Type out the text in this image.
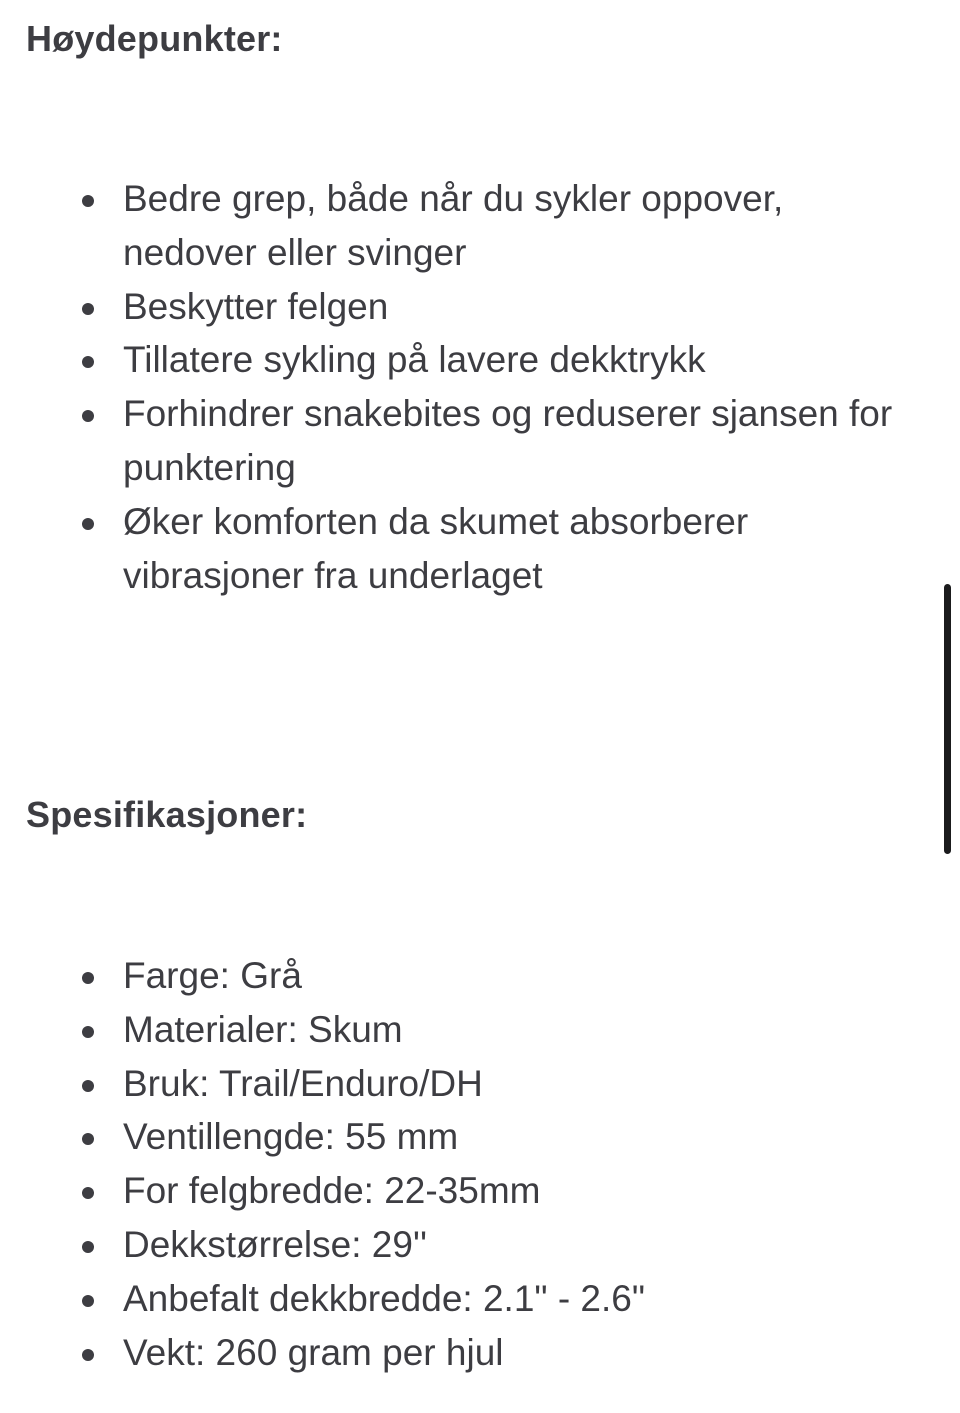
Høydepunkter:
Bedre grep, både når du sykler oppover, nedover eller svinger
Beskytter felgen
Tillatere sykling på lavere dekktrykk
Forhindrer snakebites og reduserer sjansen for punktering
Øker komforten da skumet absorberer vibrasjoner fra underlaget
Spesifikasjoner:
Farge: Grå
Materialer: Skum
Bruk: Trail/Enduro/DH
Ventillengde: 55 mm
For felgbredde: 22-35mm
Dekkstørrelse: 29''
Anbefalt dekkbredde: 2.1" - 2.6"
Vekt: 260 gram per hjul
